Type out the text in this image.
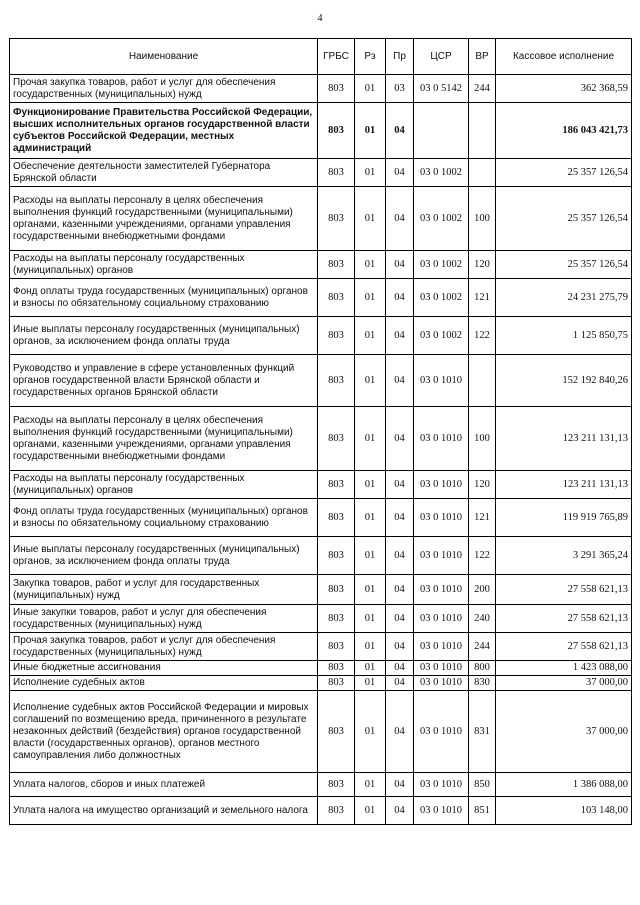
4
Наименование	ГРБС	Рз	Пр	ЦСР	ВР	Кассовое исполнение
Прочая закупка товаров, работ и услуг для обеспечения государственных (муниципальных) нужд	803	01	03	03 0 5142	244	362 368,59
Функционирование Правительства Российской Федерации, высших исполнительных органов государственной власти субъектов Российской Федерации, местных администраций	803	01	04			186 043 421,73
Обеспечение деятельности заместителей Губернатора Брянской области	803	01	04	03 0 1002		25 357 126,54
Расходы на выплаты персоналу в целях обеспечения выполнения функций государственными (муниципальными) органами, казенными учреждениями, органами управления государственными внебюджетными фондами	803	01	04	03 0 1002	100	25 357 126,54
Расходы на выплаты персоналу государственных (муниципальных) органов	803	01	04	03 0 1002	120	25 357 126,54
Фонд оплаты труда государственных (муниципальных) органов и взносы по обязательному социальному страхованию	803	01	04	03 0 1002	121	24 231 275,79
Иные выплаты персоналу государственных (муниципальных) органов, за исключением фонда оплаты труда	803	01	04	03 0 1002	122	1 125 850,75
Руководство и управление в сфере установленных функций органов государственной власти Брянской области и государственных органов Брянской области	803	01	04	03 0 1010		152 192 840,26
Расходы на выплаты персоналу в целях обеспечения выполнения функций государственными (муниципальными) органами, казенными учреждениями, органами управления государственными внебюджетными фондами	803	01	04	03 0 1010	100	123 211 131,13
Расходы на выплаты персоналу государственных (муниципальных) органов	803	01	04	03 0 1010	120	123 211 131,13
Фонд оплаты труда государственных (муниципальных) органов и взносы по обязательному социальному страхованию	803	01	04	03 0 1010	121	119 919 765,89
Иные выплаты персоналу государственных (муниципальных) органов, за исключением фонда оплаты труда	803	01	04	03 0 1010	122	3 291 365,24
Закупка товаров, работ и услуг для государственных (муниципальных) нужд	803	01	04	03 0 1010	200	27 558 621,13
Иные закупки товаров, работ и услуг для обеспечения государственных (муниципальных) нужд	803	01	04	03 0 1010	240	27 558 621,13
Прочая закупка товаров, работ и услуг для обеспечения государственных (муниципальных) нужд	803	01	04	03 0 1010	244	27 558 621,13
Иные бюджетные ассигнования	803	01	04	03 0 1010	800	1 423 088,00
Исполнение судебных актов	803	01	04	03 0 1010	830	37 000,00
Исполнение судебных актов Российской Федерации и мировых соглашений по возмещению вреда, причиненного в результате незаконных действий (бездействия) органов государственной власти (государственных органов), органов местного самоуправления либо должностных	803	01	04	03 0 1010	831	37 000,00
Уплата налогов, сборов и иных платежей	803	01	04	03 0 1010	850	1 386 088,00
Уплата налога на имущество организаций и земельного налога	803	01	04	03 0 1010	851	103 148,00
